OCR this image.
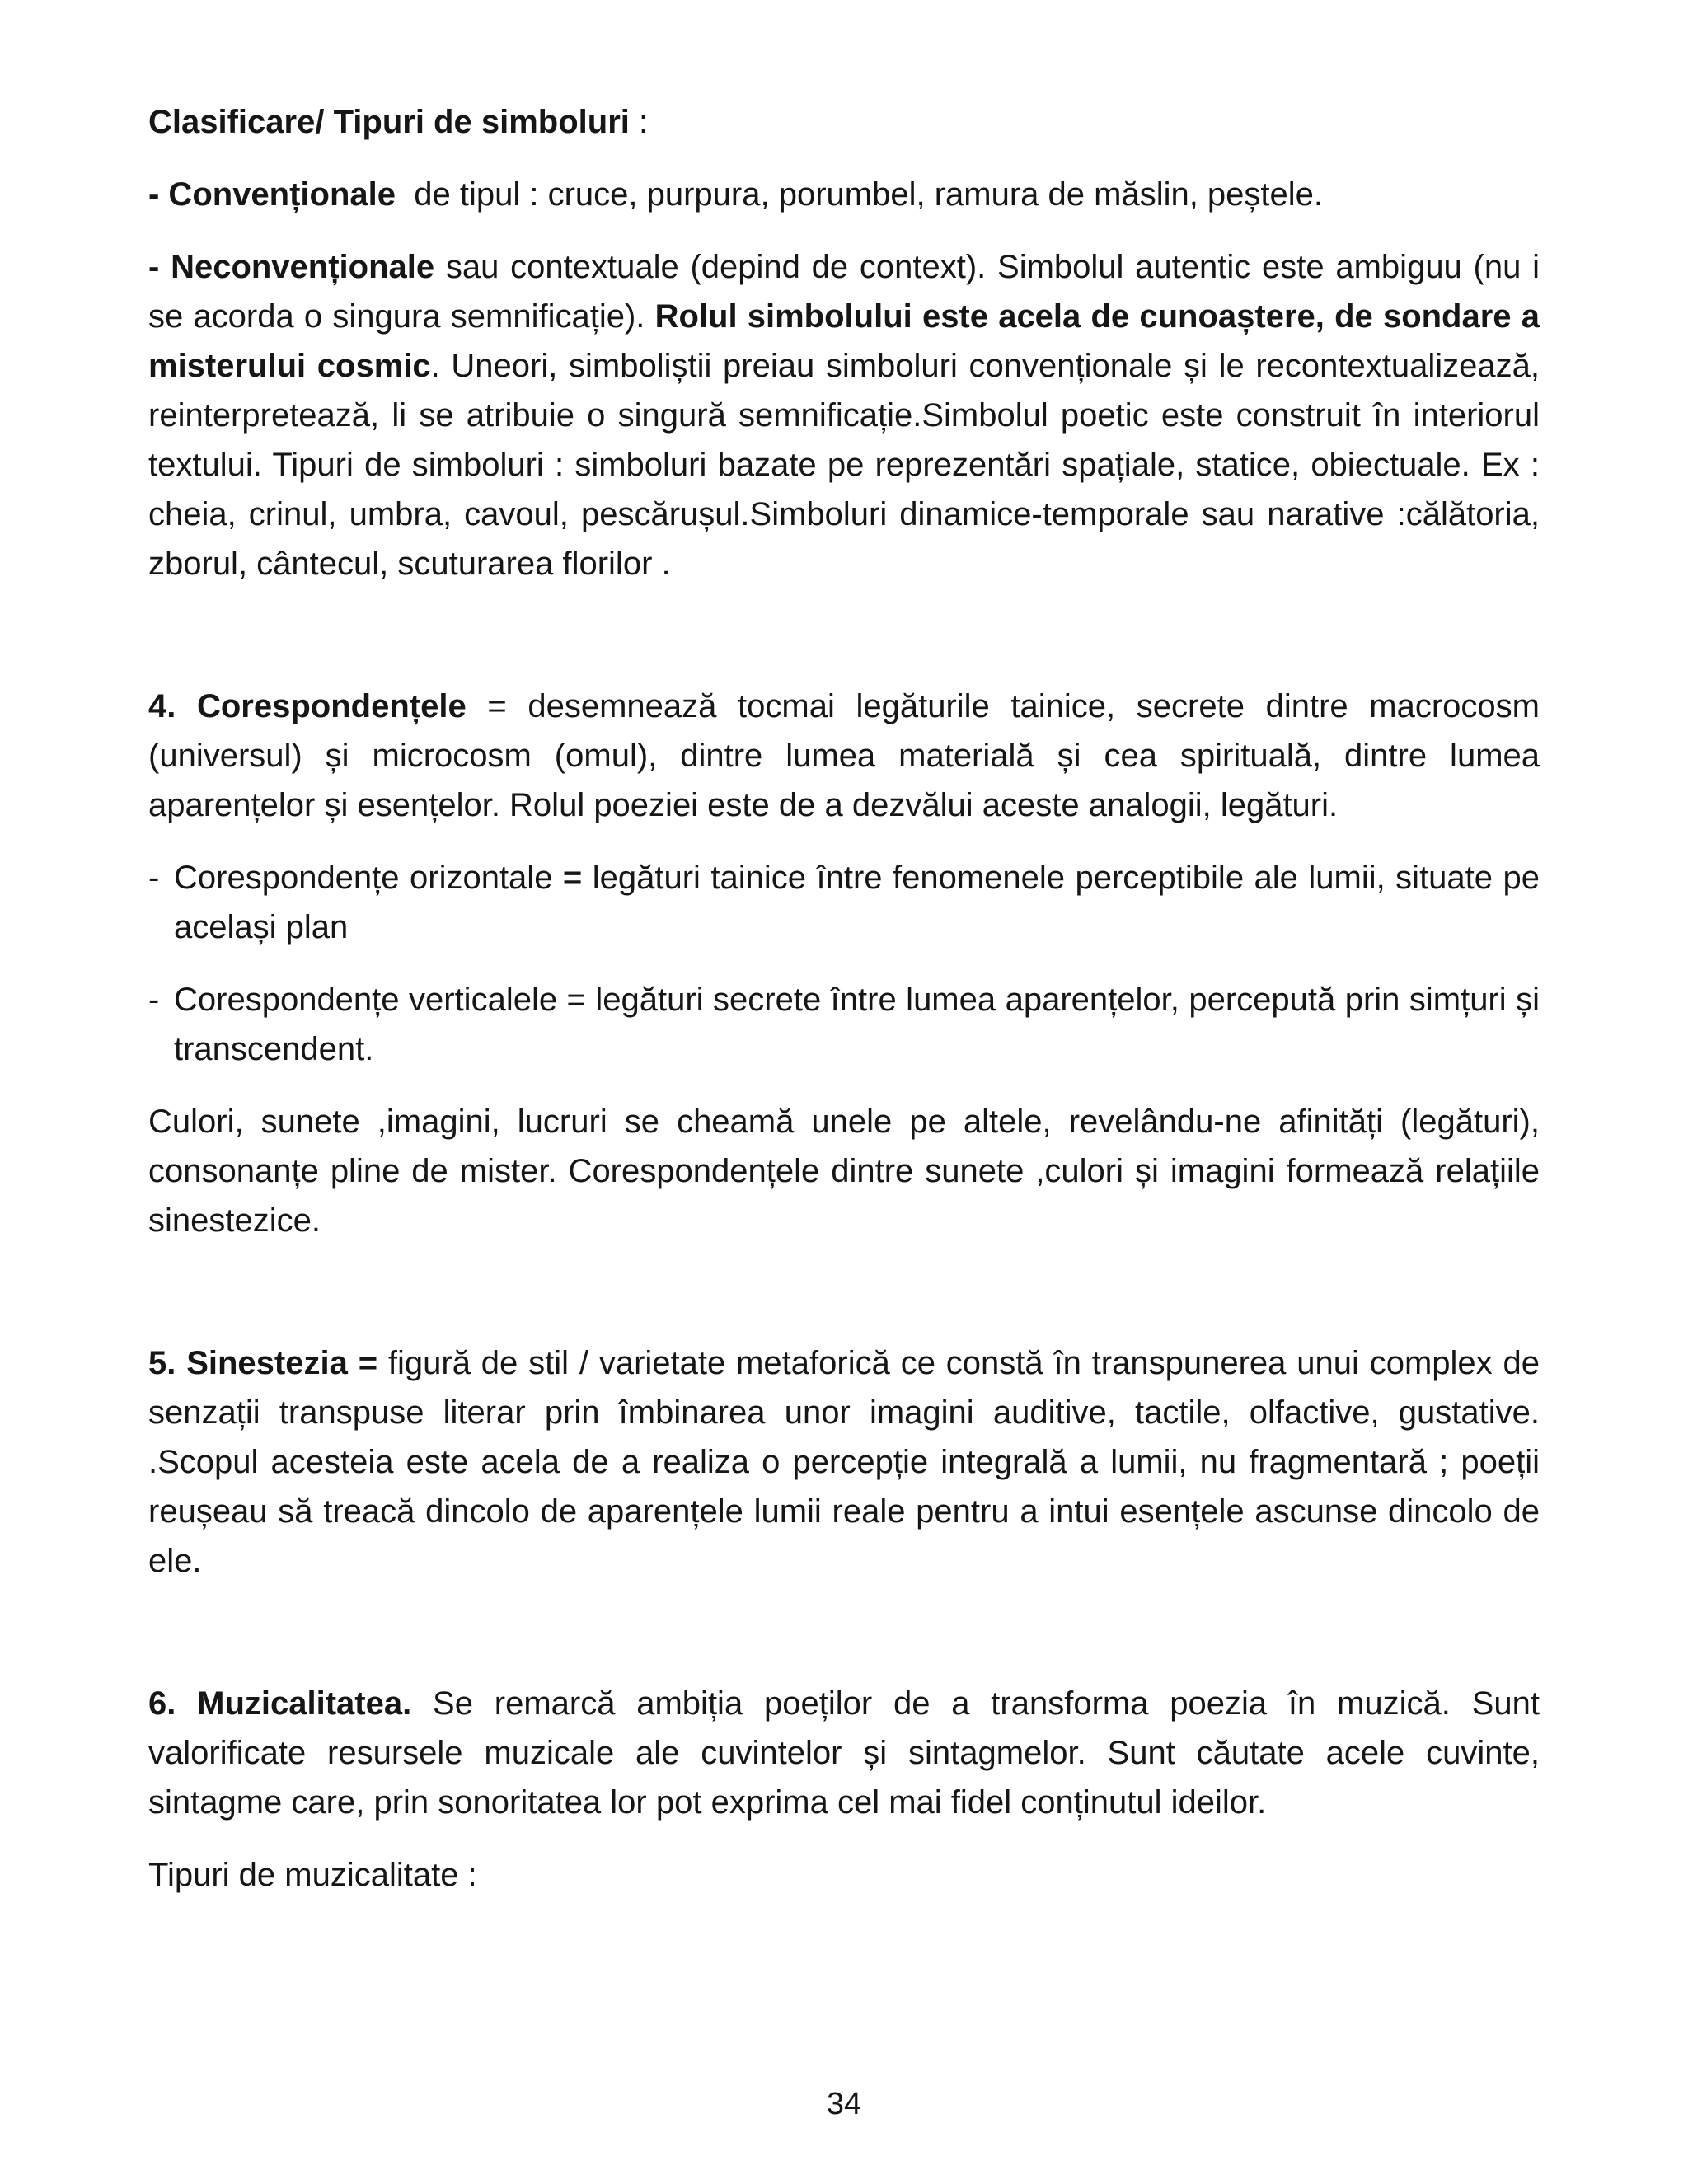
Clasificare/ Tipuri de simboluri :

- Convenționale  de tipul : cruce, purpura, porumbel, ramura de măslin, peștele.

- Neconvenționale sau contextuale (depind de context). Simbolul autentic este ambiguu (nu i se acorda o singura semnificație). Rolul simbolului este acela de cunoaștere, de sondare a misterului cosmic. Uneori, simboliștii preiau simboluri convenționale și le recontextualizează, reinterpretează, li se atribuie o singură semnificație.Simbolul poetic este construit în interiorul textului. Tipuri de simboluri : simboluri bazate pe reprezentări spațiale, statice, obiectuale. Ex : cheia, crinul, umbra, cavoul, pescărușul.Simboluri dinamice-temporale sau narative :călătoria, zborul, cântecul, scuturarea florilor .

4. Corespondențele = desemnează tocmai legăturile tainice, secrete dintre macrocosm (universul) și microcosm (omul), dintre lumea materială și cea spirituală, dintre lumea aparențelor și esențelor. Rolul poeziei este de a dezvălui aceste analogii, legături.

- Corespondențe orizontale = legături tainice între fenomenele perceptibile ale lumii, situate pe același plan
- Corespondențe verticalele = legături secrete între lumea aparențelor, percepută prin simțuri și transcendent.

Culori, sunete ,imagini, lucruri se cheamă unele pe altele, revelându-ne afinități (legături), consonanțe pline de mister. Corespondențele dintre sunete ,culori și imagini formează relațiile sinestezice.

5. Sinestezia = figură de stil / varietate metaforică ce constă în transpunerea unui complex de senzații transpuse literar prin îmbinarea unor imagini auditive, tactile, olfactive, gustative. .Scopul acesteia este acela de a realiza o percepție integrală a lumii, nu fragmentară ; poeții reușeau să treacă dincolo de aparențele lumii reale pentru a intui esențele ascunse dincolo de ele.

6. Muzicalitatea. Se remarcă ambiția poeților de a transforma poezia în muzică. Sunt valorificate resursele muzicale ale cuvintelor și sintagmelor. Sunt căutate acele cuvinte, sintagme care, prin sonoritatea lor pot exprima cel mai fidel conținutul ideilor.

Tipuri de muzicalitate :

34
